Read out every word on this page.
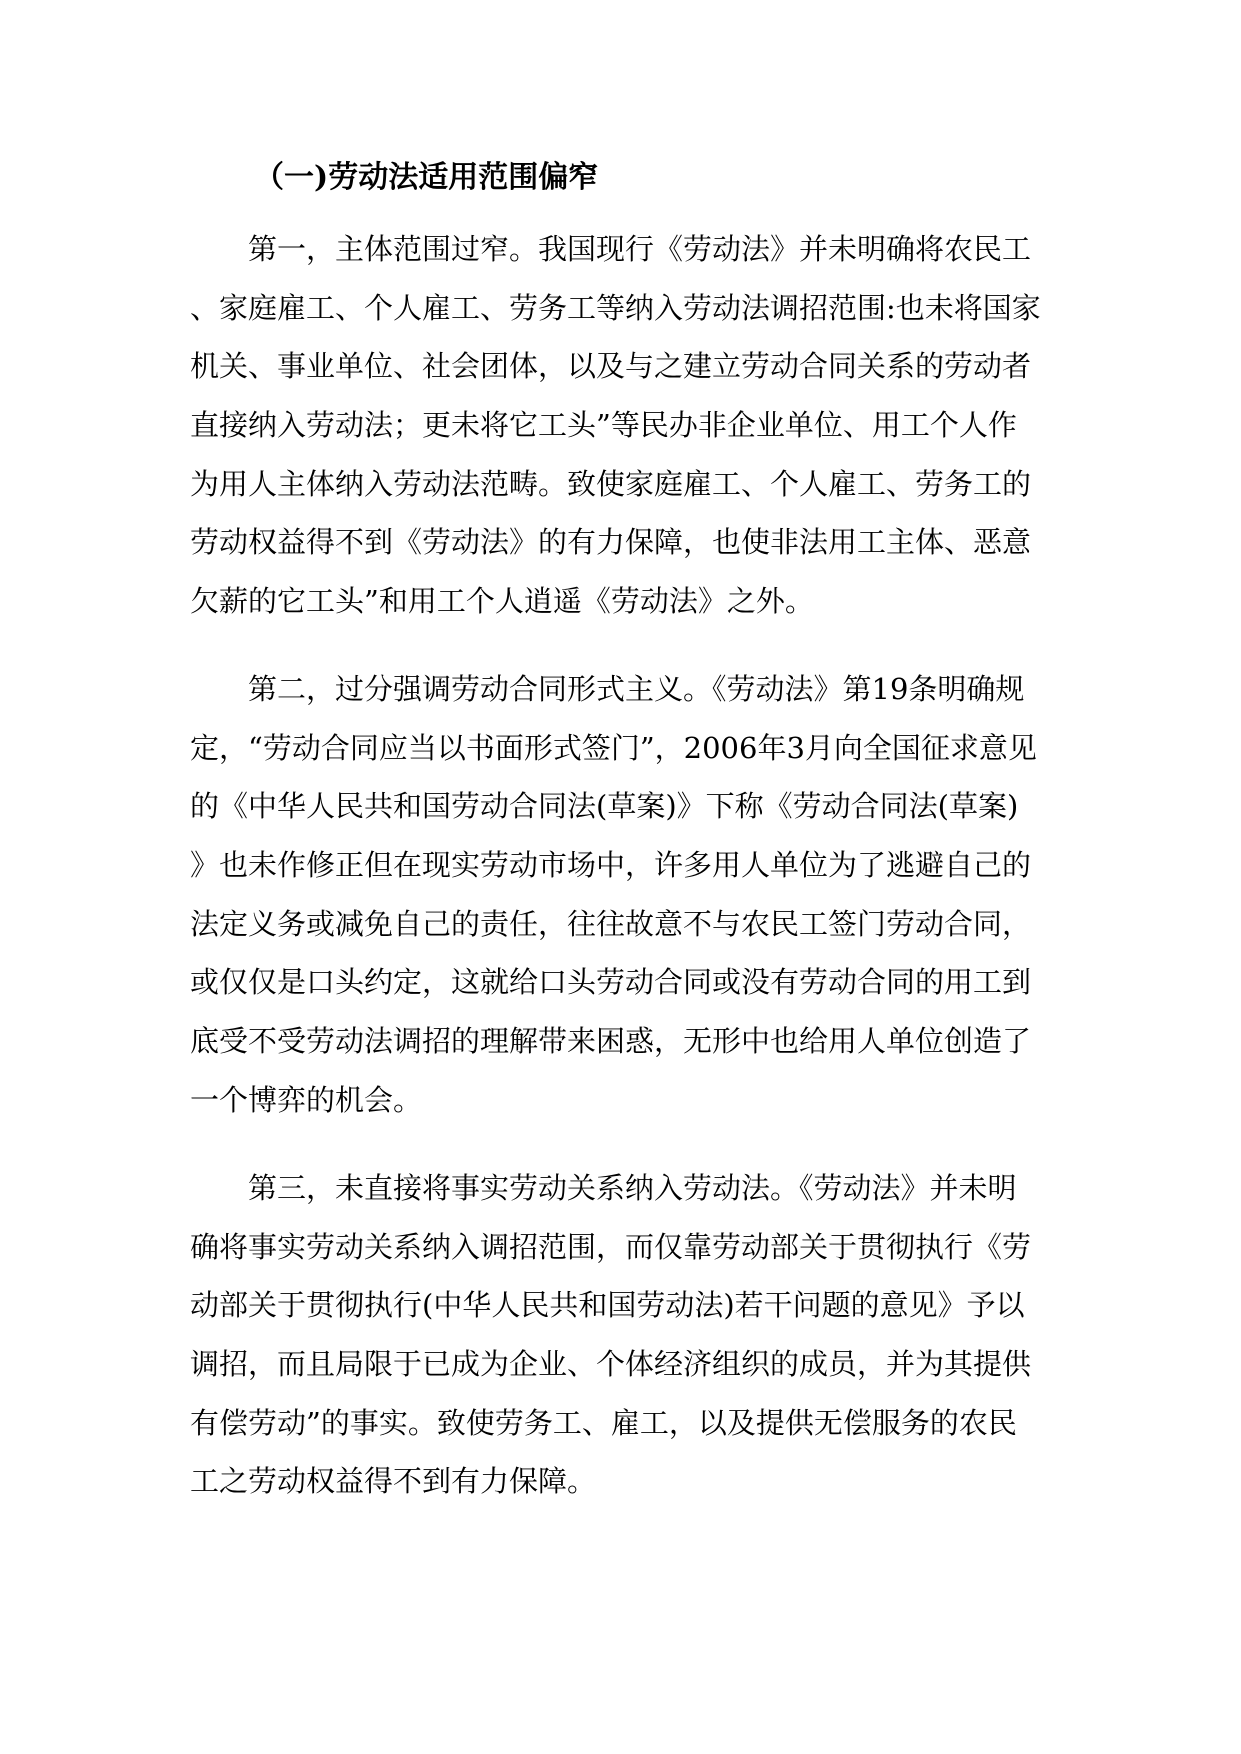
（一)劳动法适用范围偏窄
第一，主体范围过窄。我国现行《劳动法》并未明确将农民工
、家庭雇工、个人雇工、劳务工等纳入劳动法调招范围:也未将国家
机关、事业单位、社会团体，以及与之建立劳动合同关系的劳动者
直接纳入劳动法；更未将它工头”等民办非企业单位、用工个人作
为用人主体纳入劳动法范畴。致使家庭雇工、个人雇工、劳务工的
劳动权益得不到《劳动法》的有力保障，也使非法用工主体、恶意
欠薪的它工头”和用工个人逍遥《劳动法》之外。
第二，过分强调劳动合同形式主义。《劳动法》第19条明确规
定，“劳动合同应当以书面形式签门”，2006年3月向全国征求意见
的《中华人民共和国劳动合同法(草案)》下称《劳动合同法(草案)
》也未作修正但在现实劳动市场中，许多用人单位为了逃避自己的
法定义务或减免自己的责任，往往故意不与农民工签门劳动合同，
或仅仅是口头约定，这就给口头劳动合同或没有劳动合同的用工到
底受不受劳动法调招的理解带来困惑，无形中也给用人单位创造了
一个博弈的机会。
第三，未直接将事实劳动关系纳入劳动法。《劳动法》并未明
确将事实劳动关系纳入调招范围，而仅靠劳动部关于贯彻执行《劳
动部关于贯彻执行(中华人民共和国劳动法)若干问题的意见》予以
调招，而且局限于已成为企业、个体经济组织的成员，并为其提供
有偿劳动”的事实。致使劳务工、雇工，以及提供无偿服务的农民
工之劳动权益得不到有力保障。
